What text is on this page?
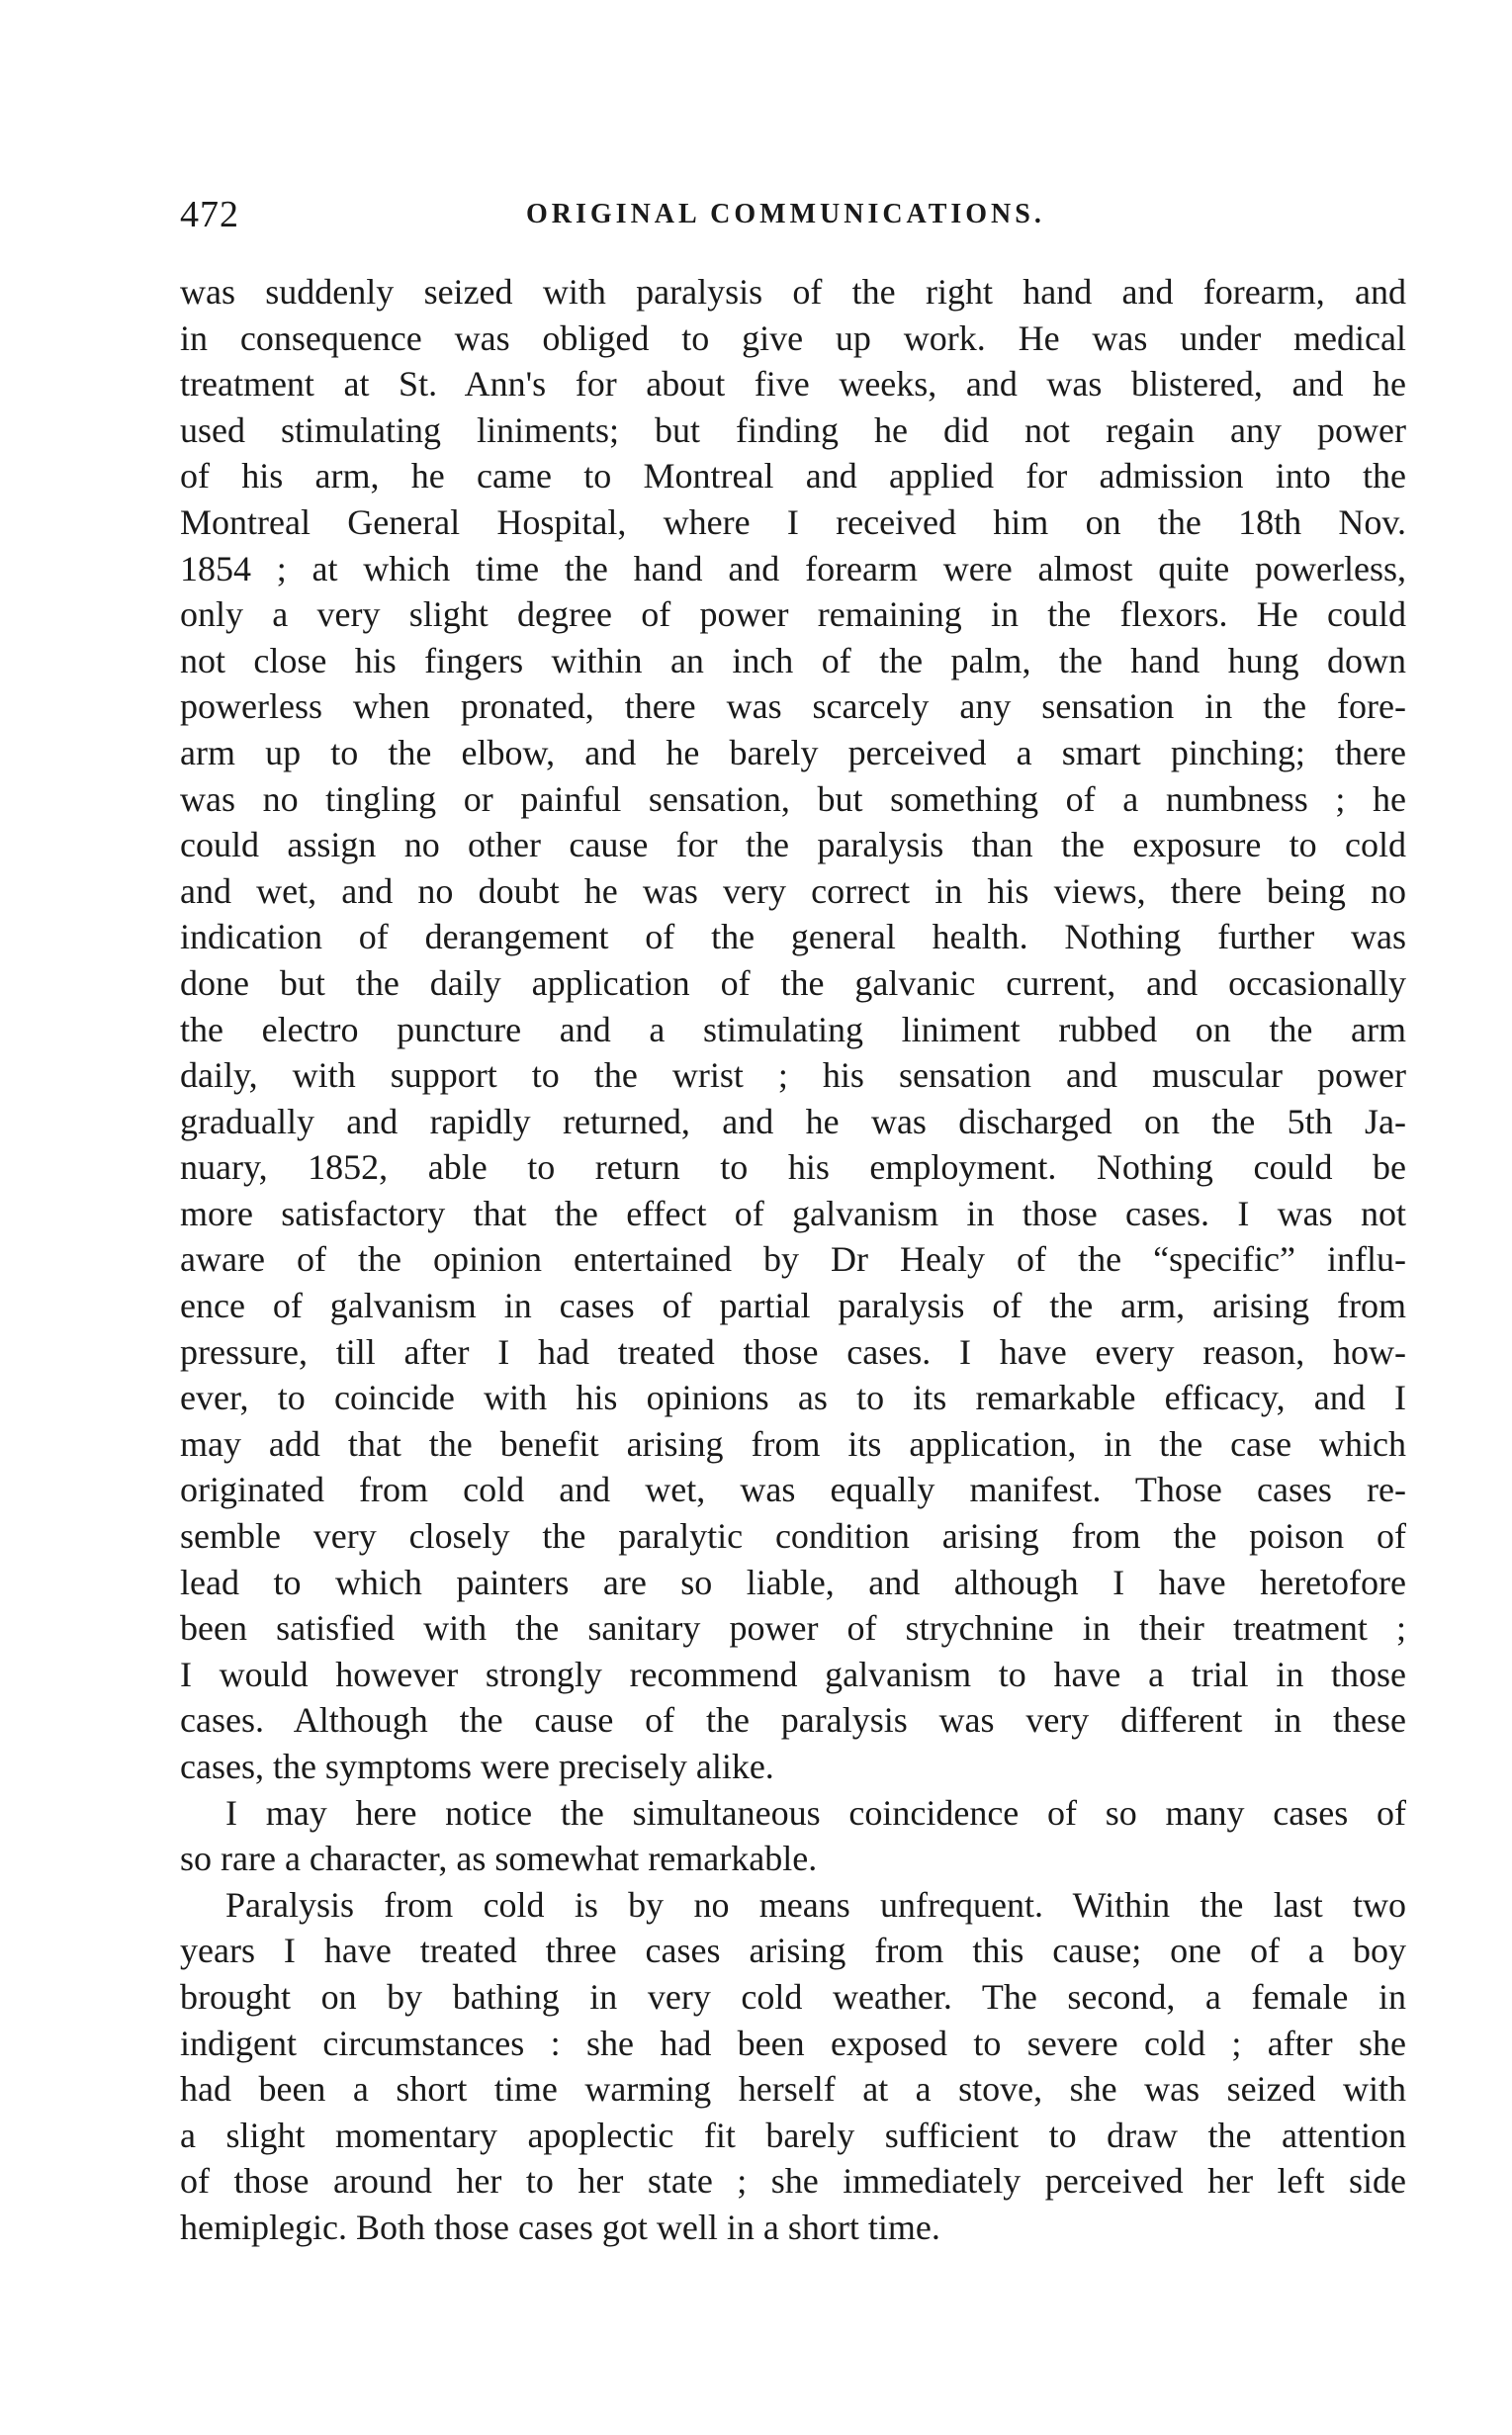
472	ORIGINAL COMMUNICATIONS.
was suddenly seized with paralysis of the right hand and forearm, and
in consequence was obliged to give up work. He was under medical
treatment at St. Ann's for about five weeks, and was blistered, and he
used stimulating liniments; but finding he did not regain any power
of his arm, he came to Montreal and applied for admission into the
Montreal General Hospital, where I received him on the 18th Nov.
1854 ; at which time the hand and forearm were almost quite powerless,
only a very slight degree of power remaining in the flexors. He could
not close his fingers within an inch of the palm, the hand hung down
powerless when pronated, there was scarcely any sensation in the fore-
arm up to the elbow, and he barely perceived a smart pinching; there
was no tingling or painful sensation, but something of a numbness ; he
could assign no other cause for the paralysis than the exposure to cold
and wet, and no doubt he was very correct in his views, there being no
indication of derangement of the general health. Nothing further was
done but the daily application of the galvanic current, and occasionally
the electro puncture and a stimulating liniment rubbed on the arm
daily, with support to the wrist ; his sensation and muscular power
gradually and rapidly returned, and he was discharged on the 5th Ja-
nuary, 1852, able to return to his employment. Nothing could be
more satisfactory that the effect of galvanism in those cases. I was not
aware of the opinion entertained by Dr Healy of the “specific” influ-
ence of galvanism in cases of partial paralysis of the arm, arising from
pressure, till after I had treated those cases. I have every reason, how-
ever, to coincide with his opinions as to its remarkable efficacy, and I
may add that the benefit arising from its application, in the case which
originated from cold and wet, was equally manifest. Those cases re-
semble very closely the paralytic condition arising from the poison of
lead to which painters are so liable, and although I have heretofore
been satisfied with the sanitary power of strychnine in their treatment ;
I would however strongly recommend galvanism to have a trial in those
cases. Although the cause of the paralysis was very different in these
cases, the symptoms were precisely alike.
I may here notice the simultaneous coincidence of so many cases of
so rare a character, as somewhat remarkable.
Paralysis from cold is by no means unfrequent. Within the last two
years I have treated three cases arising from this cause; one of a boy
brought on by bathing in very cold weather. The second, a female in
indigent circumstances : she had been exposed to severe cold ; after she
had been a short time warming herself at a stove, she was seized with
a slight momentary apoplectic fit barely sufficient to draw the attention
of those around her to her state ; she immediately perceived her left side
hemiplegic. Both those cases got well in a short time.
